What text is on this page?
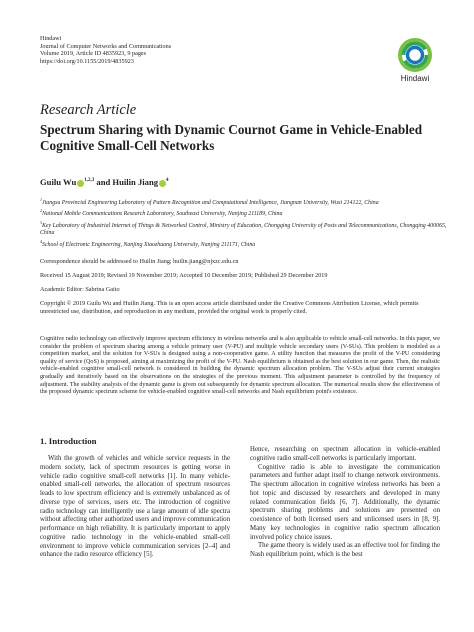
Hindawi
Journal of Computer Networks and Communications
Volume 2019, Article ID 4835923, 9 pages
https://doi.org/10.1155/2019/4835923
Hindawi
Research Article
Spectrum Sharing with Dynamic Cournot Game in Vehicle-Enabled Cognitive Small-Cell Networks
Guilu Wu $^{1,2,3}$ and Huilin Jiang $^4$
$^1$Jiangsu Provincial Engineering Laboratory of Pattern Recognition and Computational Intelligence, Jiangnan University, Wuxi 214122, China
$^2$National Mobile Communications Research Laboratory, Southeast University, Nanjing 211189, China
$^3$Key Laboratory of Industrial Internet of Things & Networked Control, Ministry of Education, Chongqing University of Posts and Telecommunications, Chongqing 400065, China
$^4$School of Electronic Engineering, Nanjing Xiaozhuang University, Nanjing 211171, China
Correspondence should be addressed to Huilin Jiang; huilin.jiang@njxzc.edu.cn
Received 15 August 2019; Revised 19 November 2019; Accepted 10 December 2019; Published 29 December 2019
Academic Editor: Sabrina Gaito
Copyright © 2019 Guilu Wu and Huilin Jiang. This is an open access article distributed under the Creative Commons Attribution License, which permits unrestricted use, distribution, and reproduction in any medium, provided the original work is properly cited.
Cognitive radio technology can effectively improve spectrum efficiency in wireless networks and is also applicable to vehicle small-cell networks. In this paper, we consider the problem of spectrum sharing among a vehicle primary user (V-PU) and multiple vehicle secondary users (V-SUs). This problem is modeled as a competition market, and the solution for V-SUs is designed using a non-cooperative game. A utility function that measures the profit of the V-PU considering quality of service (QoS) is proposed, aiming at maximizing the profit of the V-PU. Nash equilibrium is obtained as the best solution in our game. Then, the realistic vehicle-enabled cognitive small-cell network is considered in building the dynamic spectrum allocation problem. The V-SUs adjust their current strategies gradually and iteratively based on the observations on the strategies of the previous moment. This adjustment parameter is controlled by the frequency of adjustment. The stability analysis of the dynamic game is given out subsequently for dynamic spectrum allocation. The numerical results show the effectiveness of the proposed dynamic spectrum scheme for vehicle-enabled cognitive small-cell networks and Nash equilibrium point's existence.
1. Introduction

With the growth of vehicles and vehicle service requests in the modern society, lack of spectrum resources is getting worse in vehicle radio cognitive small-cell networks [1]. In many vehicle-enabled small-cell networks, the allocation of spectrum resources leads to low spectrum efficiency and is extremely unbalanced as of diverse type of services, users etc. The introduction of cognitive radio technology can intelligently use a large amount of idle spectra without affecting other authorized users and improve communication performance on high reliability. It is particularly important to apply cognitive radio technology in the vehicle-enabled small-cell environment to improve vehicle communication services [2–4] and enhance the radio resource efficiency [5].

Hence, researching on spectrum allocation in vehicle-enabled cognitive radio small-cell networks is particularly important.

Cognitive radio is able to investigate the communication parameters and further adapt itself to change network environments. The spectrum allocation in cognitive wireless networks has been a hot topic and discussed by researchers and developed in many related communication fields [6, 7]. Additionally, the dynamic spectrum sharing problems and solutions are presented on coexistence of both licensed users and unlicensed users in [8, 9]. Many key technologies in cognitive radio spectrum allocation involved policy choice issues.

The game theory is widely used as an effective tool for finding the Nash equilibrium point, which is the best
